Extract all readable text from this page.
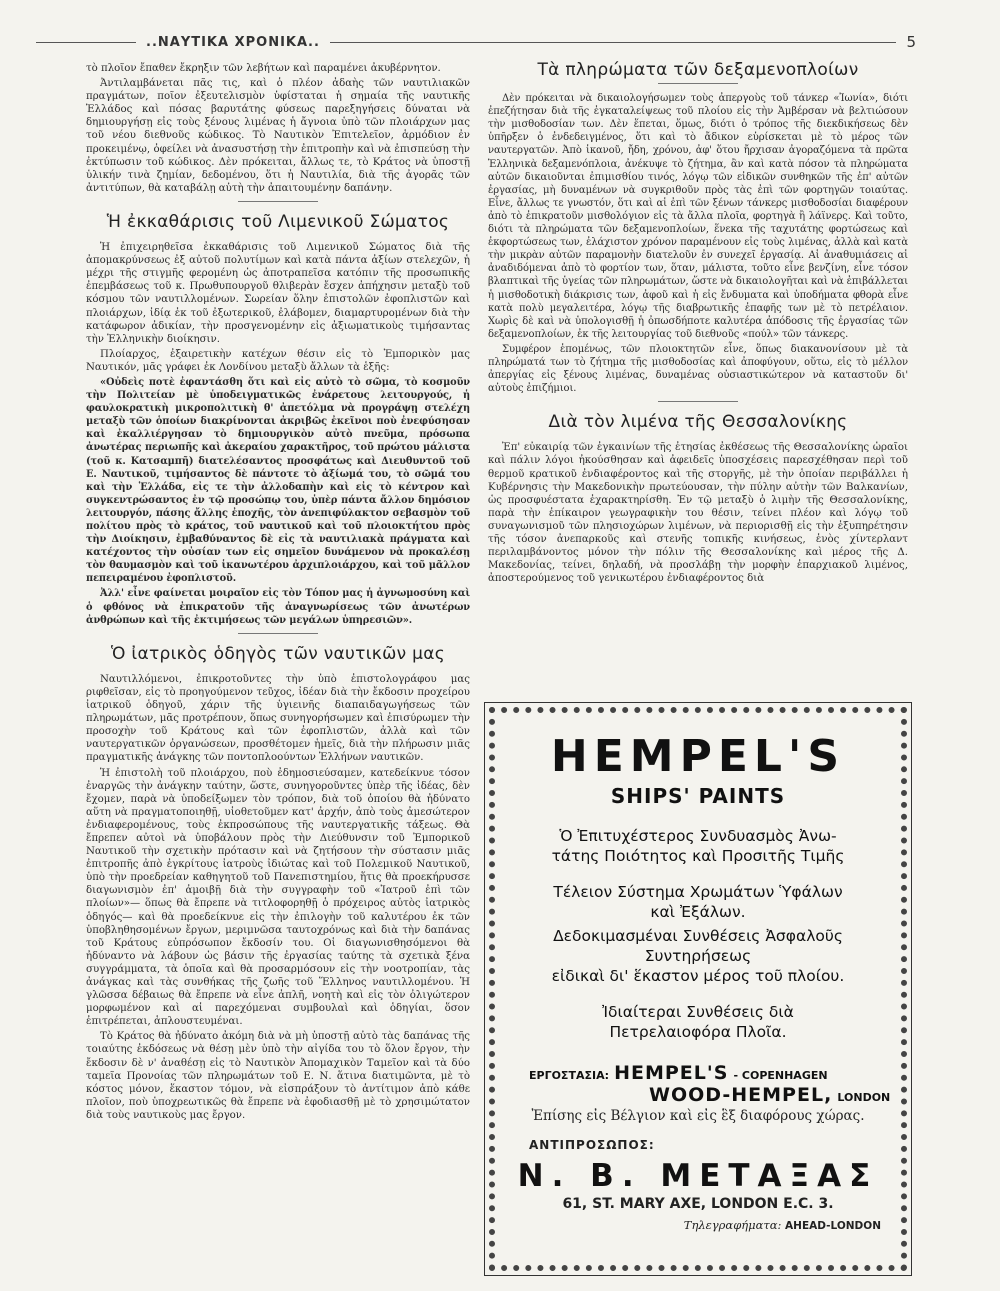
..ΝΑΥΤΙΚΑ ΧΡΟΝΙΚΑ..	5

τὸ πλοῖον ἔπαθεν ἔκρηξιν τῶν λεβήτων καὶ παραμένει ἀκυβέρνητον.

Ἀντιλαμβάνεται πᾶς τις, καὶ ὁ πλέον ἀδαὴς τῶν ναυτιλιακῶν πραγμάτων, ποῖον ἐξευτελισμὸν ὑφίσταται ἡ σημαία τῆς ναυτικῆς Ἑλλάδος καὶ πόσας βαρυτάτης φύσεως παρεξηγήσεις δύναται νὰ δημιουργήσῃ εἰς τοὺς ξένους λιμένας ἡ ἄγνοια ὑπὸ τῶν πλοιάρχων μας τοῦ νέου διεθνοῦς κώδικος. Τὸ Ναυτικὸν Ἐπιτελεῖον, ἁρμόδιον ἐν προκειμένῳ, ὀφείλει νὰ ἀνασυστήσῃ τὴν ἐπιτροπὴν καὶ νὰ ἐπισπεύσῃ τὴν ἐκτύπωσιν τοῦ κώδικος. Δὲν πρόκειται, ἄλλως τε, τὸ Κράτος νὰ ὑποστῇ ὑλικήν τινὰ ζημίαν, δεδομένου, ὅτι ἡ Ναυτιλία, διὰ τῆς ἀγορᾶς τῶν ἀντιτύπων, θὰ καταβάλῃ αὐτὴ τὴν ἀπαιτουμένην δαπάνην.

Ἡ ἐκκαθάρισις τοῦ Λιμενικοῦ Σώματος

Ἡ ἐπιχειρηθεῖσα ἐκκαθάρισις τοῦ Λιμενικοῦ Σώματος διὰ τῆς ἀπομακρύνσεως ἐξ αὐτοῦ πολυτίμων καὶ κατὰ πάντα ἀξίων στελεχῶν, ἡ μέχρι τῆς στιγμῆς φερομένη ὡς ἀποτραπεῖσα κατόπιν τῆς προσωπικῆς ἐπεμβάσεως τοῦ κ. Πρωθυπουργοῦ θλιβερὰν ἔσχεν ἀπήχησιν μεταξὺ τοῦ κόσμου τῶν ναυτιλλομένων. Σωρείαν ὅλην ἐπιστολῶν ἐφοπλιστῶν καὶ πλοιάρχων, ἰδίᾳ ἐκ τοῦ ἐξωτερικοῦ, ἐλάβομεν, διαμαρτυρομένων διὰ τὴν κατάφωρον ἀδικίαν, τὴν προσγενομένην εἰς ἀξιωματικοὺς τιμήσαντας τὴν Ἑλληνικὴν διοίκησιν.

Πλοίαρχος, ἐξαιρετικὴν κατέχων θέσιν εἰς τὸ Ἐμπορικὸν μας Ναυτικόν, μᾶς γράφει ἐκ Λονδίνου μεταξὺ ἄλλων τὰ ἑξῆς:

«Οὐδεὶς ποτὲ ἐφαντάσθη ὅτι καὶ εἰς αὐτὸ τὸ σῶμα, τὸ κοσμοῦν τὴν Πολιτείαν μὲ ὑποδειγματικῶς ἐνάρετους λειτουργούς, ἡ φαυλοκρατικὴ μικροπολιτικὴ θ' ἀπετόλμα νὰ προγράψῃ στελέχη μεταξὺ τῶν ὁποίων διακρίνονται ἀκριβῶς ἐκεῖνοι ποὺ ἐνεφύσησαν καὶ ἐκαλλιέργησαν τὸ δημιουργικὸν αὐτὸ πνεῦμα, πρόσωπα ἀνωτέρας περιωπῆς καὶ ἀκεραίου χαρακτῆρος, τοῦ πρώτου μάλιστα (τοῦ κ. Κατσαμπῆ) διατελέσαντος προσφάτως καὶ Διευθυντοῦ τοῦ Ε. Ναυτικοῦ, τιμήσαντος δὲ πάντοτε τὸ ἀξίωμά του, τὸ σῶμά του καὶ τὴν Ἑλλάδα, εἰς τε τὴν ἀλλοδαπὴν καὶ εἰς τὸ κέντρον καὶ συγκεντρώσαντος ἐν τῷ προσώπῳ του, ὑπὲρ πάντα ἄλλον δημόσιον λειτουργόν, πάσης ἄλλης ἐποχῆς, τὸν ἀνεπιφύλακτον σεβασμὸν τοῦ πολίτου πρὸς τὸ κράτος, τοῦ ναυτικοῦ καὶ τοῦ πλοιοκτήτου πρὸς τὴν Διοίκησιν, ἐμβαθύναντος δὲ εἰς τὰ ναυτιλιακὰ πράγματα καὶ κατέχοντος τὴν οὐσίαν των εἰς σημεῖον δυνάμενον νὰ προκαλέσῃ τὸν θαυμασμὸν καὶ τοῦ ἱκανωτέρου ἀρχιπλοιάρχου, καὶ τοῦ μᾶλλον πεπειραμένου ἐφοπλιστοῦ.

Ἀλλ' εἶνε φαίνεται μοιραῖον εἰς τὸν Τόπον μας ἡ ἀγνωμοσύνη καὶ ὁ φθόνος νὰ ἐπικρατοῦν τῆς ἀναγνωρίσεως τῶν ἀνωτέρων ἀνθρώπων καὶ τῆς ἐκτιμήσεως τῶν μεγάλων ὑπηρεσιῶν».

Ὁ ἰατρικὸς ὁδηγὸς τῶν ναυτικῶν μας

Ναυτιλλόμενοι, ἐπικροτοῦντες τὴν ὑπὸ ἐπιστολογράφου μας ριφθεῖσαν, εἰς τὸ προηγούμενον τεῦχος, ἰδέαν διὰ τὴν ἔκδοσιν προχείρου ἰατρικοῦ ὁδηγοῦ, χάριν τῆς ὑγιεινῆς διαπαιδαγωγήσεως τῶν πληρωμάτων, μᾶς προτρέπουν, ὅπως συνηγορήσωμεν καὶ ἐπισύρωμεν τὴν προσοχὴν τοῦ Κράτους καὶ τῶν ἐφοπλιστῶν, ἀλλὰ καὶ τῶν ναυτεργατικῶν ὀργανώσεων, προσθέτομεν ἡμεῖς, διὰ τὴν πλήρωσιν μιᾶς πραγματικῆς ἀνάγκης τῶν ποντοπλοούντων Ἑλλήνων ναυτικῶν.

Ἡ ἐπιστολὴ τοῦ πλοιάρχου, ποὺ ἐδημοσιεύσαμεν, κατεδείκνυε τόσον ἐναργῶς τὴν ἀνάγκην ταύτην, ὥστε, συνηγοροῦντες ὑπὲρ τῆς ἰδέας, δὲν ἔχομεν, παρὰ νὰ ὑποδείξωμεν τὸν τρόπον, διὰ τοῦ ὁποίου θὰ ἠδύνατο αὕτη νὰ πραγματοποιηθῇ, υἱοθετοῦμεν κατ' ἀρχήν, ἀπὸ τοὺς ἀμεσώτερον ἐνδιαφερομένους, τοὺς ἐκπροσώπους τῆς ναυτεργατικῆς τάξεως. Θὰ ἔπρεπεν αὐτοὶ νὰ ὑποβάλουν πρὸς τὴν Διεύθυνσιν τοῦ Ἐμπορικοῦ Ναυτικοῦ τὴν σχετικὴν πρότασιν καὶ νὰ ζητήσουν τὴν σύστασιν μιᾶς ἐπιτροπῆς ἀπὸ ἐγκρίτους ἰατροὺς ἰδιώτας καὶ τοῦ Πολεμικοῦ Ναυτικοῦ, ὑπὸ τὴν προεδρείαν καθηγητοῦ τοῦ Πανεπιστημίου, ἥτις θὰ προεκήρυσσε διαγωνισμὸν ἐπ' ἀμοιβῇ διὰ τὴν συγγραφὴν τοῦ «Ἰατροῦ ἐπὶ τῶν πλοίων»— ὅπως θὰ ἔπρεπε νὰ τιτλοφορηθῇ ὁ πρόχειρος αὐτὸς ἰατρικὸς ὁδηγός— καὶ θὰ προεδείκνυε εἰς τὴν ἐπιλογὴν τοῦ καλυτέρου ἐκ τῶν ὑποβληθησομένων ἔργων, μεριμνῶσα ταυτοχρόνως καὶ διὰ τὴν δαπάνας τοῦ Κράτους εὐπρόσωπον ἔκδοσίν του. Οἱ διαγωνισθησόμενοι θὰ ἠδύναντο νὰ λάβουν ὡς βάσιν τῆς ἐργασίας ταύτης τὰ σχετικὰ ξένα συγγράμματα, τὰ ὁποῖα καὶ θὰ προσαρμόσουν εἰς τὴν νοοτροπίαν, τὰς ἀνάγκας καὶ τὰς συνθήκας τῆς ζωῆς τοῦ Ἕλληνος ναυτιλλομένου. Ἡ γλῶσσα δέβαιως θὰ ἔπρεπε νὰ εἶνε ἁπλῆ, νοητὴ καὶ εἰς τὸν ὀλιγώτερον μορφωμένον καὶ αἱ παρεχόμεναι συμβουλαὶ καὶ ὁδηγίαι, ὅσον ἐπιτρέπεται, ἁπλουστευμέναι.

Τὸ Κράτος θὰ ἠδύνατο ἀκόμη διὰ νὰ μὴ ὑποστῇ αὐτὸ τὰς δαπάνας τῆς τοιαύτης ἐκδόσεως νὰ θέσῃ μὲν ὑπὸ τὴν αἰγίδα του τὸ ὅλον ἔργον, τὴν ἔκδοσιν δὲ ν' ἀναθέσῃ εἰς τὸ Ναυτικὸν Ἀπομαχικὸν Ταμεῖον καὶ τὰ δύο ταμεῖα Προνοίας τῶν πληρωμάτων τοῦ Ε. Ν. ἅτινα διατιμῶντα, μὲ τὸ κόστος μόνον, ἕκαστον τόμον, νὰ εἰσπράξουν τὸ ἀντίτιμον ἀπὸ κάθε πλοῖον, ποὺ ὑποχρεωτικῶς θὰ ἔπρεπε νὰ ἐφοδιασθῇ μὲ τὸ χρησιμώτατον διὰ τοὺς ναυτικοὺς μας ἔργον.

Τὰ πληρώματα τῶν δεξαμενοπλοίων

Δὲν πρόκειται νὰ δικαιολογήσωμεν τοὺς ἀπεργοὺς τοῦ τάνκερ «Ἰωνία», διότι ἐπεζήτησαν διὰ τῆς ἐγκαταλείψεως τοῦ πλοίου εἰς τὴν Ἀμβέρσαν νὰ βελτιώσουν τὴν μισθοδοσίαν των. Δὲν ἕπεται, ὅμως, διότι ὁ τρόπος τῆς διεκδικήσεως δὲν ὑπῆρξεν ὁ ἐνδεδειγμένος, ὅτι καὶ τὸ ἄδικον εὑρίσκεται μὲ τὸ μέρος τῶν ναυτεργατῶν. Ἀπὸ ἱκανοῦ, ἤδη, χρόνου, ἀφ' ὅτου ἤρχισαν ἀγοραζόμενα τὰ πρῶτα Ἑλληνικὰ δεξαμενόπλοια, ἀνέκυψε τὸ ζήτημα, ἂν καὶ κατὰ πόσον τὰ πληρώματα αὐτῶν δικαιοῦνται ἐπιμισθίου τινός, λόγῳ τῶν εἰδικῶν συνθηκῶν τῆς ἐπ' αὐτῶν ἐργασίας, μὴ δυναμένων νὰ συγκριθοῦν πρὸς τὰς ἐπὶ τῶν φορτηγῶν τοιαύτας. Εἶνε, ἄλλως τε γνωστόν, ὅτι καὶ αἱ ἐπὶ τῶν ξένων τάνκερς μισθοδοσίαι διαφέρουν ἀπὸ τὸ ἐπικρατοῦν μισθολόγιον εἰς τὰ ἄλλα πλοῖα, φορτηγὰ ἢ λάϊνερς. Καὶ τοῦτο, διότι τὰ πληρώματα τῶν δεξαμενοπλοίων, ἕνεκα τῆς ταχυτάτης φορτώσεως καὶ ἐκφορτώσεως των, ἐλάχιστον χρόνον παραμένουν εἰς τοὺς λιμένας, ἀλλὰ καὶ κατὰ τὴν μικρὰν αὐτῶν παραμονὴν διατελοῦν ἐν συνεχεῖ ἐργασίᾳ. Αἱ ἀναθυμιάσεις αἱ ἀναδιδόμεναι ἀπὸ τὸ φορτίον των, ὅταν, μάλιστα, τοῦτο εἶνε βενζίνη, εἶνε τόσον βλαπτικαὶ τῆς ὑγείας τῶν πληρωμάτων, ὥστε νὰ δικαιολογῆται καὶ νὰ ἐπιβάλλεται ἡ μισθοδοτικὴ διάκρισις των, ἀφοῦ καὶ ἡ εἰς ἔνδυματα καὶ ὑποδήματα φθορὰ εἶνε κατὰ πολὺ μεγαλειτέρα, λόγῳ τῆς διαβρωτικῆς ἐπαφῆς των μὲ τὸ πετρέλαιον. Χωρὶς δὲ καὶ νὰ ὑπολογισθῇ ἡ ὀπωσδήποτε καλυτέρα ἀπόδοσις τῆς ἐργασίας τῶν δεξαμενοπλοίων, ἐκ τῆς λειτουργίας τοῦ διεθνοῦς «πούλ» τῶν τάνκερς.

Συμφέρον ἑπομένως, τῶν πλοιοκτητῶν εἶνε, ὅπως διακανονίσουν μὲ τὰ πληρώματά των τὸ ζήτημα τῆς μισθοδοσίας καὶ ἀποφύγουν, οὕτω, εἰς τὸ μέλλον ἀπεργίας εἰς ξένους λιμένας, δυναμένας οὐσιαστικώτερον νὰ καταστοῦν δι' αὐτοὺς ἐπιζήμιοι.

Διὰ τὸν λιμένα τῆς Θεσσαλονίκης

Ἐπ' εὐκαιρίᾳ τῶν ἐγκαινίων τῆς ἐτησίας ἐκθέσεως τῆς Θεσσαλονίκης ὡραῖοι καὶ πάλιν λόγοι ἠκούσθησαν καὶ ἀφειδεῖς ὑποσχέσεις παρεσχέθησαν περὶ τοῦ θερμοῦ κρατικοῦ ἐνδιαφέροντος καὶ τῆς στοργῆς, μὲ τὴν ὁποίαν περιβάλλει ἡ Κυβέρνησις τὴν Μακεδονικὴν πρωτεύουσαν, τὴν πύλην αὐτὴν τῶν Βαλκανίων, ὡς προσφυέστατα ἐχαρακτηρίσθη. Ἐν τῷ μεταξὺ ὁ λιμὴν τῆς Θεσσαλονίκης, παρὰ τὴν ἐπίκαιρον γεωγραφικὴν του θέσιν, τείνει πλέον καὶ λόγῳ τοῦ συναγωνισμοῦ τῶν πλησιοχώρων λιμένων, νὰ περιορισθῇ εἰς τὴν ἐξυπηρέτησιν τῆς τόσον ἀνεπαρκοῦς καὶ στενῆς τοπικῆς κινήσεως, ἑνὸς χίντερλαντ περιλαμβάνοντος μόνον τὴν πόλιν τῆς Θεσσαλονίκης καὶ μέρος τῆς Δ. Μακεδονίας, τείνει, δηλαδή, νὰ προσλάβῃ τὴν μορφὴν ἐπαρχιακοῦ λιμένος, ἀποστερούμενος τοῦ γενικωτέρου ἐνδιαφέροντος διὰ

HEMPEL'S
SHIPS' PAINTS
Ὁ Ἐπιτυχέστερος Συνδυασμὸς Ἀνω-
τάτης Ποιότητος καὶ Προσιτῆς Τιμῆς
Τέλειον Σύστημα Χρωμάτων Ὑφάλων
καὶ Ἐξάλων.
Δεδοκιμασμέναι Συνθέσεις Ἀσφαλοῦς
Συντηρήσεως
εἰδικαὶ δι' ἕκαστον μέρος τοῦ πλοίου.
Ἰδιαίτεραι Συνθέσεις διὰ
Πετρελαιοφόρα Πλοῖα.
ΕΡΓΟΣΤΑΣΙΑ: HEMPEL'S - COPENHAGEN
WOOD-HEMPEL, LONDON
Ἐπίσης εἰς Βέλγιον καὶ εἰς ἓξ διαφόρους χώρας.
ΑΝΤΙΠΡΟΣΩΠΟΣ:
Ν. Β. ΜΕΤΑΞΑΣ
61, ST. MARY AXE, LONDON E.C. 3.
Τηλεγραφήματα: AHEAD-LONDON
